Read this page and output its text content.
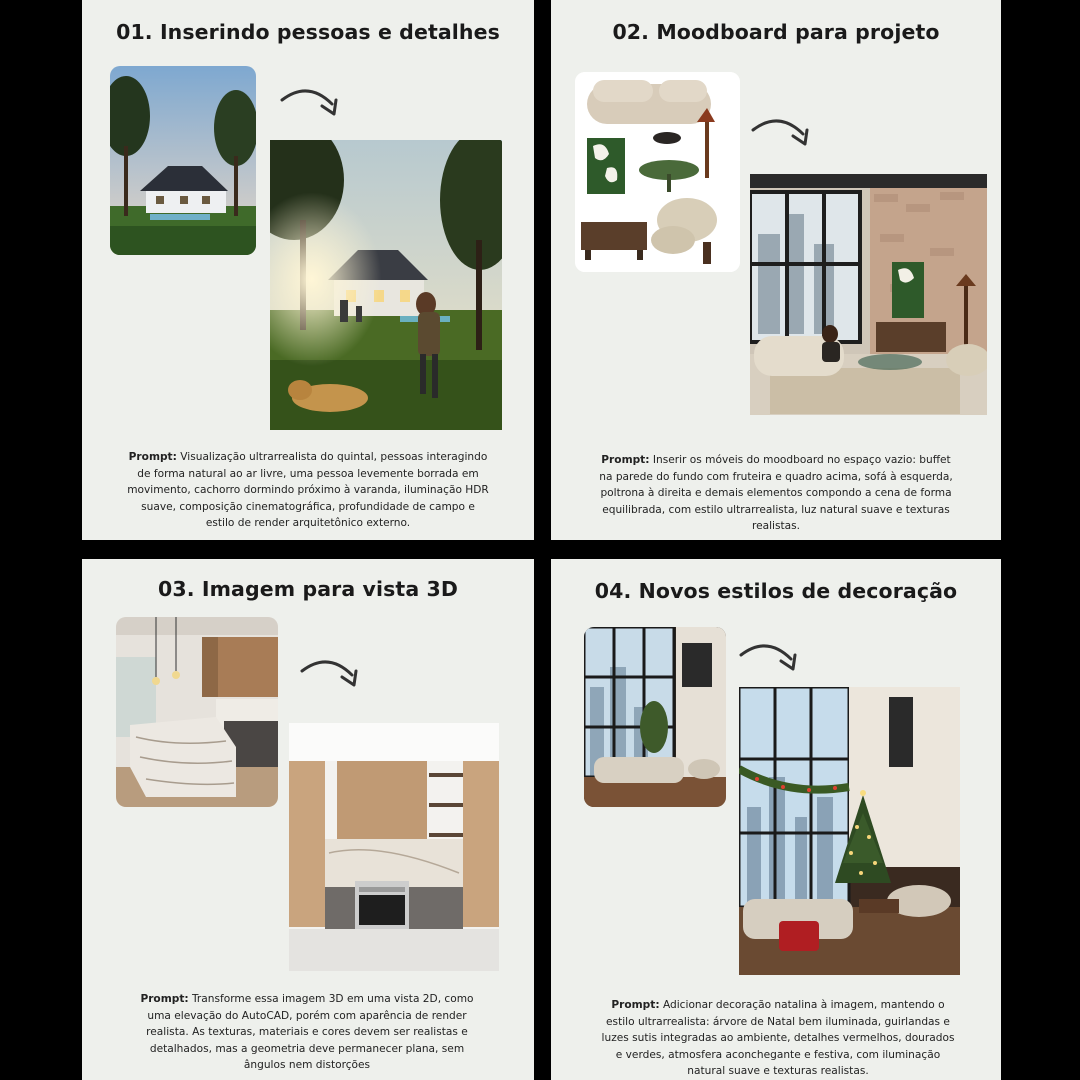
01. Inserindo pessoas e detalhes

Prompt: Visualização ultrarrealista do quintal, pessoas interagindo de forma natural ao ar livre, uma pessoa levemente borrada em movimento, cachorro dormindo próximo à varanda, iluminação HDR suave, composição cinematográfica, profundidade de campo e estilo de render arquitetônico externo.

02. Moodboard para projeto

Prompt: Inserir os móveis do moodboard no espaço vazio: buffet na parede do fundo com fruteira e quadro acima, sofá à esquerda, poltrona à direita e demais elementos compondo a cena de forma equilibrada, com estilo ultrarrealista, luz natural suave e texturas realistas.

03. Imagem para vista 3D

Prompt: Transforme essa imagem 3D em uma vista 2D, como uma elevação do AutoCAD, porém com aparência de render realista. As texturas, materiais e cores devem ser realistas e detalhados, mas a geometria deve permanecer plana, sem ângulos nem distorções

04. Novos estilos de decoração

Prompt: Adicionar decoração natalina à imagem, mantendo o estilo ultrarrealista: árvore de Natal bem iluminada, guirlandas e luzes sutis integradas ao ambiente, detalhes vermelhos, dourados e verdes, atmosfera aconchegante e festiva, com iluminação natural suave e texturas realistas.
